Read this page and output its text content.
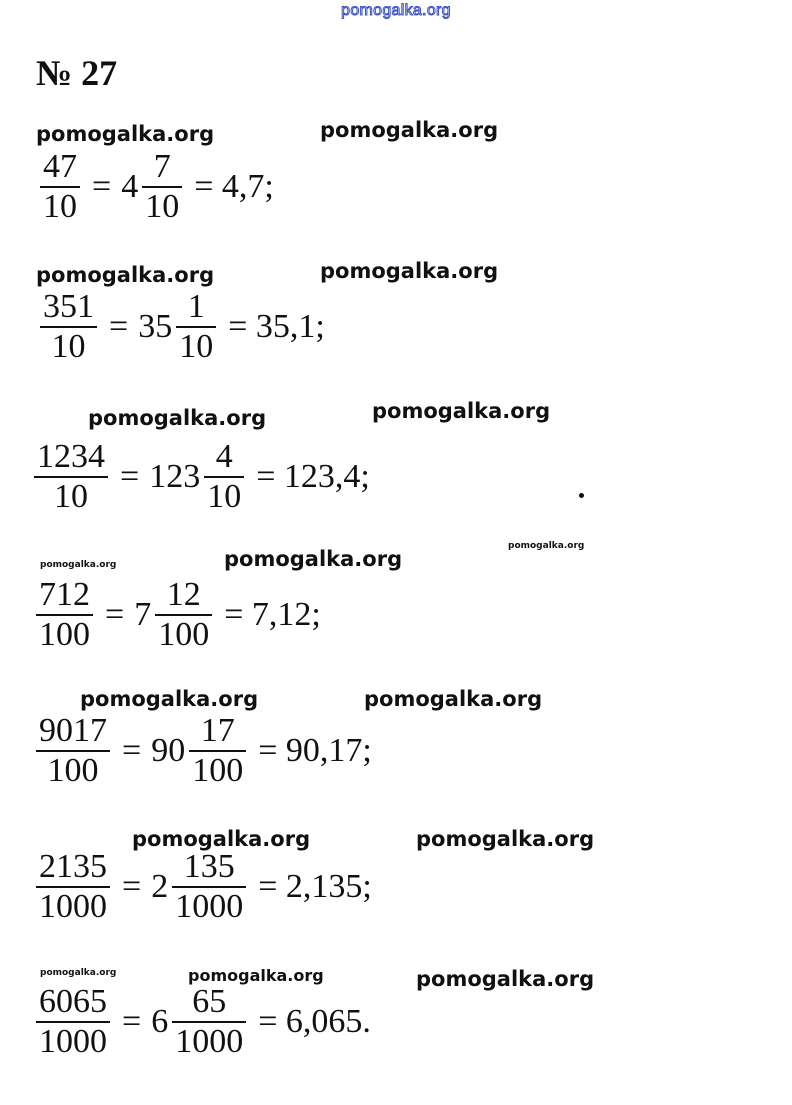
pomogalka.org
№ 27
pomogalka.org	pomogalka.org
$\frac{47}{10} = 4 \frac{7}{10} = 4,7$;
pomogalka.org	pomogalka.org
$\frac{351}{10} = 35 \frac{1}{10} = 35,1$;
pomogalka.org	pomogalka.org
$\frac{1234}{10} = 123 \frac{4}{10} = 123,4$;
pomogalka.org	pomogalka.org
pomogalka.org
$\frac{712}{100} = 7 \frac{12}{100} = 7,12$;
pomogalka.org	pomogalka.org
$\frac{9017}{100} = 90 \frac{17}{100} = 90,17$;
pomogalka.org	pomogalka.org
$\frac{2135}{1000} = 2 \frac{135}{1000} = 2,135$;
pomogalka.org	pomogalka.org	pomogalka.org
$\frac{6065}{1000} = 6 \frac{65}{1000} = 6,065$.
